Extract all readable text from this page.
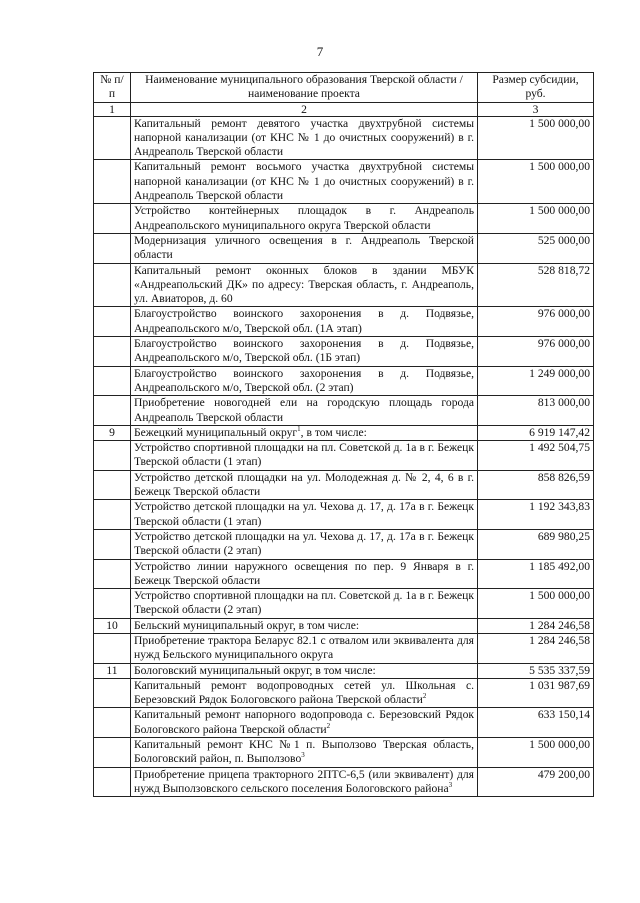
7
№ п/п	Наименование муниципального образования Тверской области / наименование проекта	Размер субсидии, руб.
1	2	3
	Капитальный ремонт девятого участка двухтрубной системы напорной канализации (от КНС № 1 до очистных сооружений) в г. Андреаполь Тверской области	1 500 000,00
	Капитальный ремонт восьмого участка двухтрубной системы напорной канализации (от КНС № 1 до очистных сооружений) в г. Андреаполь Тверской области	1 500 000,00
	Устройство контейнерных площадок в г. Андреаполь Андреапольского муниципального округа Тверской области	1 500 000,00
	Модернизация уличного освещения в г. Андреаполь Тверской области	525 000,00
	Капитальный ремонт оконных блоков в здании МБУК «Андреапольский ДК» по адресу: Тверская область, г. Андреаполь, ул. Авиаторов, д. 60	528 818,72
	Благоустройство воинского захоронения в д. Подвязье, Андреапольского м/о, Тверской обл. (1А этап)	976 000,00
	Благоустройство воинского захоронения в д. Подвязье, Андреапольского м/о, Тверской обл. (1Б этап)	976 000,00
	Благоустройство воинского захоронения в д. Подвязье, Андреапольского м/о, Тверской обл. (2 этап)	1 249 000,00
	Приобретение новогодней ели на городскую площадь города Андреаполь Тверской области	813 000,00
9	Бежецкий муниципальный округ$^1$, в том числе:	6 919 147,42
	Устройство спортивной площадки на пл. Советской д. 1а в г. Бежецк Тверской области (1 этап)	1 492 504,75
	Устройство детской площадки на ул. Молодежная д. № 2, 4, 6 в г. Бежецк Тверской области	858 826,59
	Устройство детской площадки на ул. Чехова д. 17, д. 17а в г. Бежецк Тверской области (1 этап)	1 192 343,83
	Устройство детской площадки на ул. Чехова д. 17, д. 17а в г. Бежецк Тверской области (2 этап)	689 980,25
	Устройство линии наружного освещения по пер. 9 Января в г. Бежецк Тверской области	1 185 492,00
	Устройство спортивной площадки на пл. Советской д. 1а в г. Бежецк Тверской области (2 этап)	1 500 000,00
10	Бельский муниципальный округ, в том числе:	1 284 246,58
	Приобретение трактора Беларус 82.1 с отвалом или эквивалента для нужд Бельского муниципального округа	1 284 246,58
11	Бологовский муниципальный округ, в том числе:	5 535 337,59
	Капитальный ремонт водопроводных сетей ул. Школьная с. Березовский Рядок Бологовского района Тверской области$^2$	1 031 987,69
	Капитальный ремонт напорного водопровода с. Березовский Рядок Бологовского района Тверской области$^2$	633 150,14
	Капитальный ремонт КНС №1 п. Выползово Тверская область, Бологовский район, п. Выползово$^3$	1 500 000,00
	Приобретение прицепа тракторного 2ПТС-6,5 (или эквивалент) для нужд Выползовского сельского поселения Бологовского района$^3$	479 200,00
